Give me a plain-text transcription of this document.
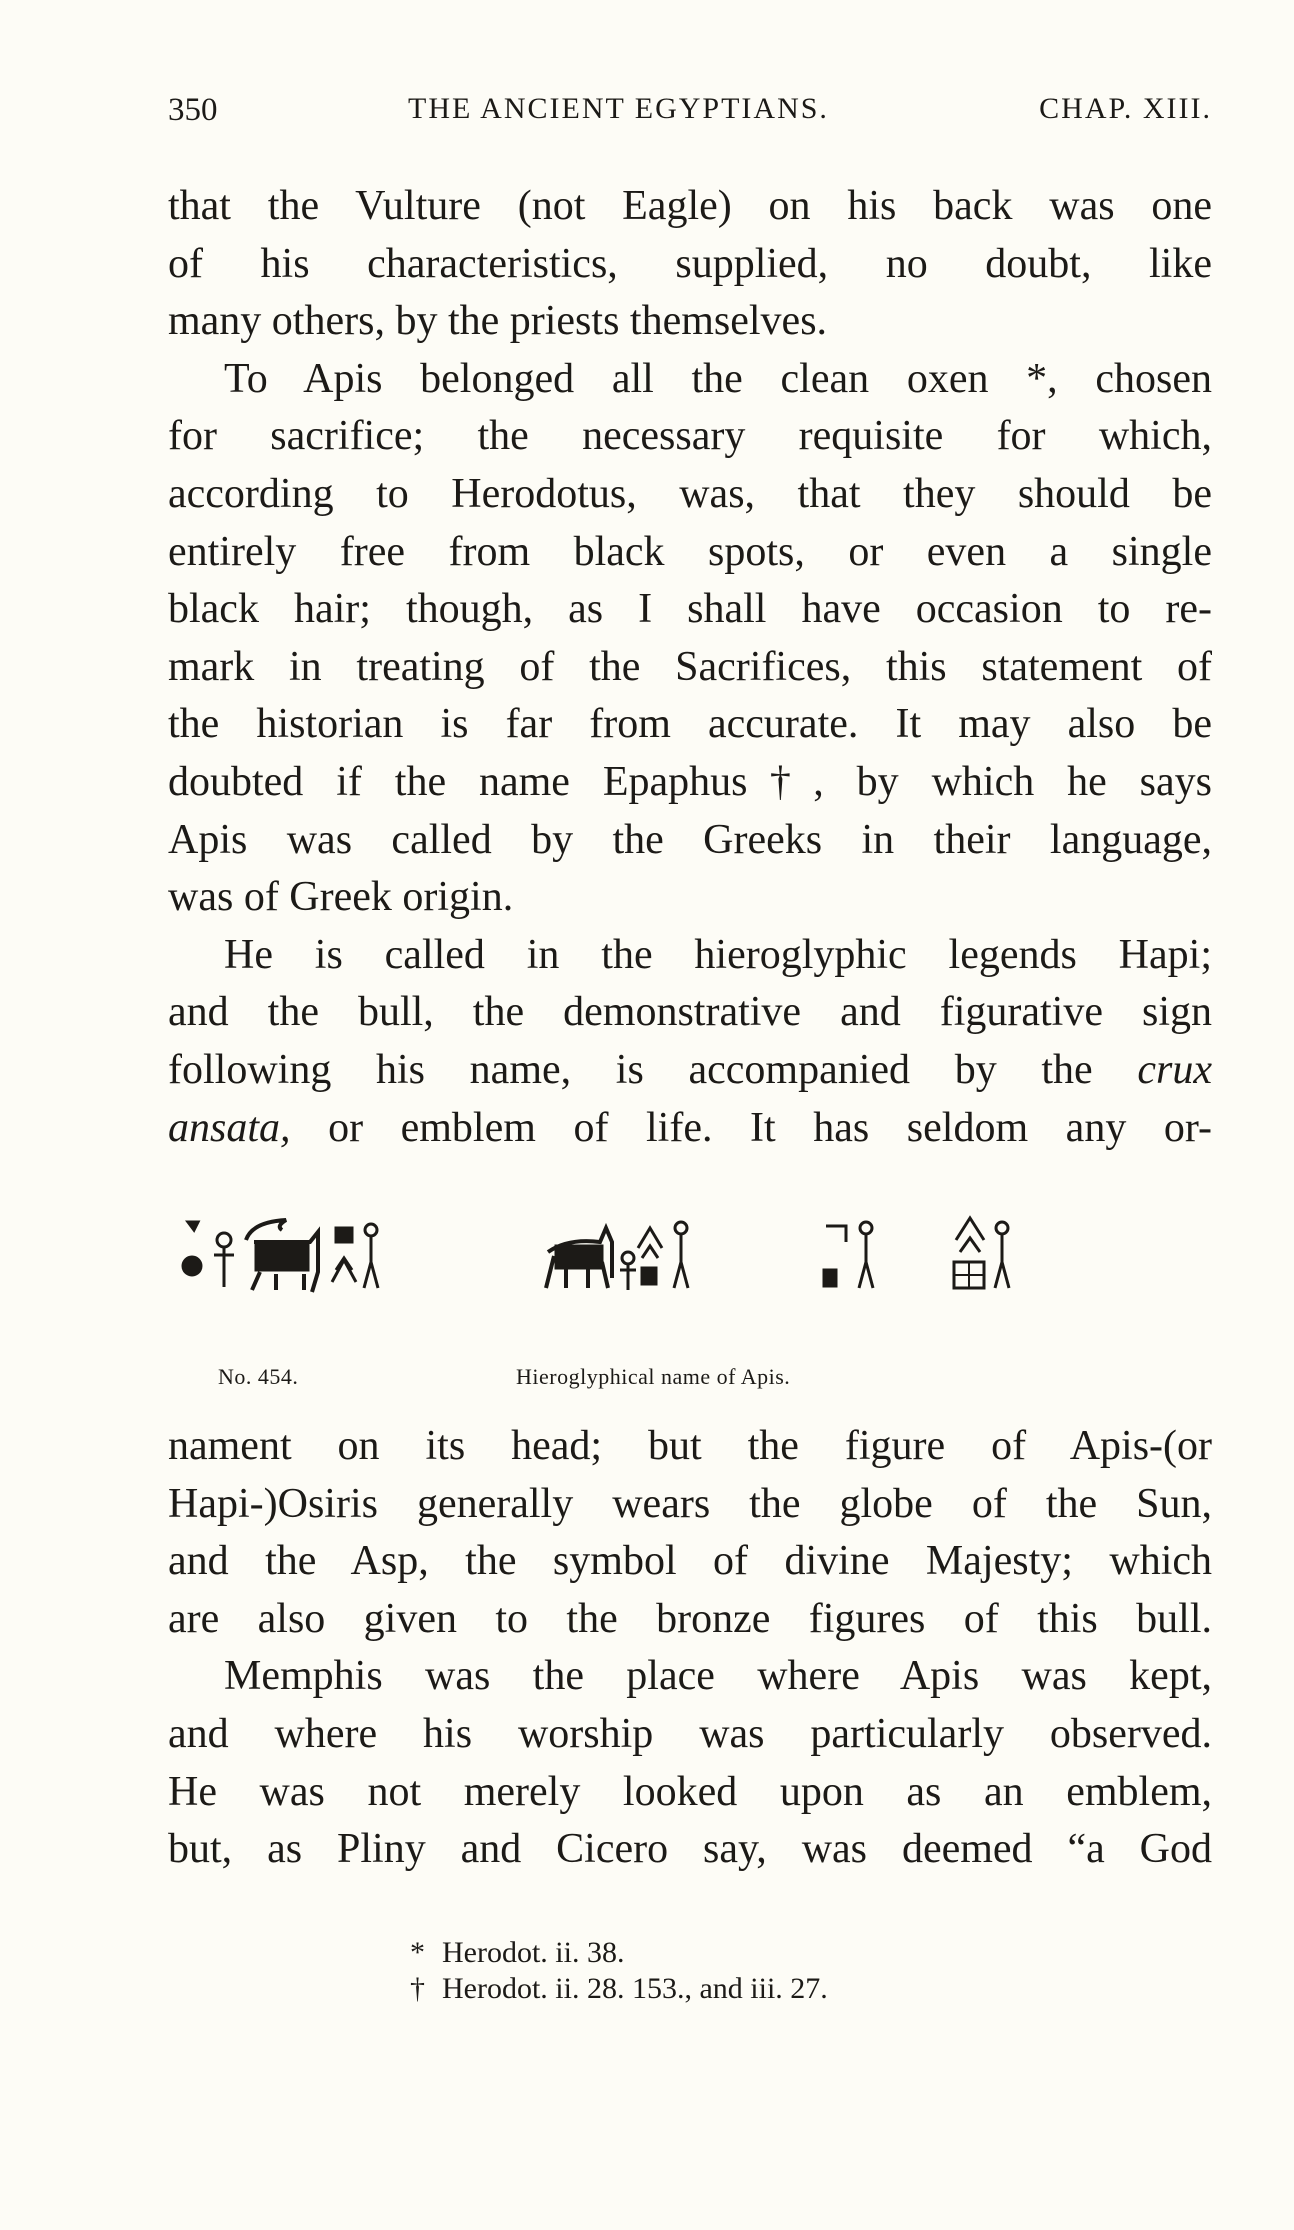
350	THE ANCIENT EGYPTIANS.	CHAP. XIII.
that the Vulture (not Eagle) on his back was one
of his characteristics, supplied, no doubt, like
many others, by the priests themselves.
To Apis belonged all the clean oxen *, chosen
for sacrifice; the necessary requisite for which,
according to Herodotus, was, that they should be
entirely free from black spots, or even a single
black hair; though, as I shall have occasion to re-
mark in treating of the Sacrifices, this statement of
the historian is far from accurate. It may also be
doubted if the name Epaphus†, by which he says
Apis was called by the Greeks in their language,
was of Greek origin.
He is called in the hieroglyphic legends Hapi;
and the bull, the demonstrative and figurative sign
following his name, is accompanied by the crux
ansata, or emblem of life. It has seldom any or-
No. 454.	Hieroglyphical name of Apis.
nament on its head; but the figure of Apis-(or
Hapi-)Osiris generally wears the globe of the Sun,
and the Asp, the symbol of divine Majesty; which
are also given to the bronze figures of this bull.
Memphis was the place where Apis was kept,
and where his worship was particularly observed.
He was not merely looked upon as an emblem,
but, as Pliny and Cicero say, was deemed “a God
* Herodot. ii. 38.
† Herodot. ii. 28. 153., and iii. 27.
